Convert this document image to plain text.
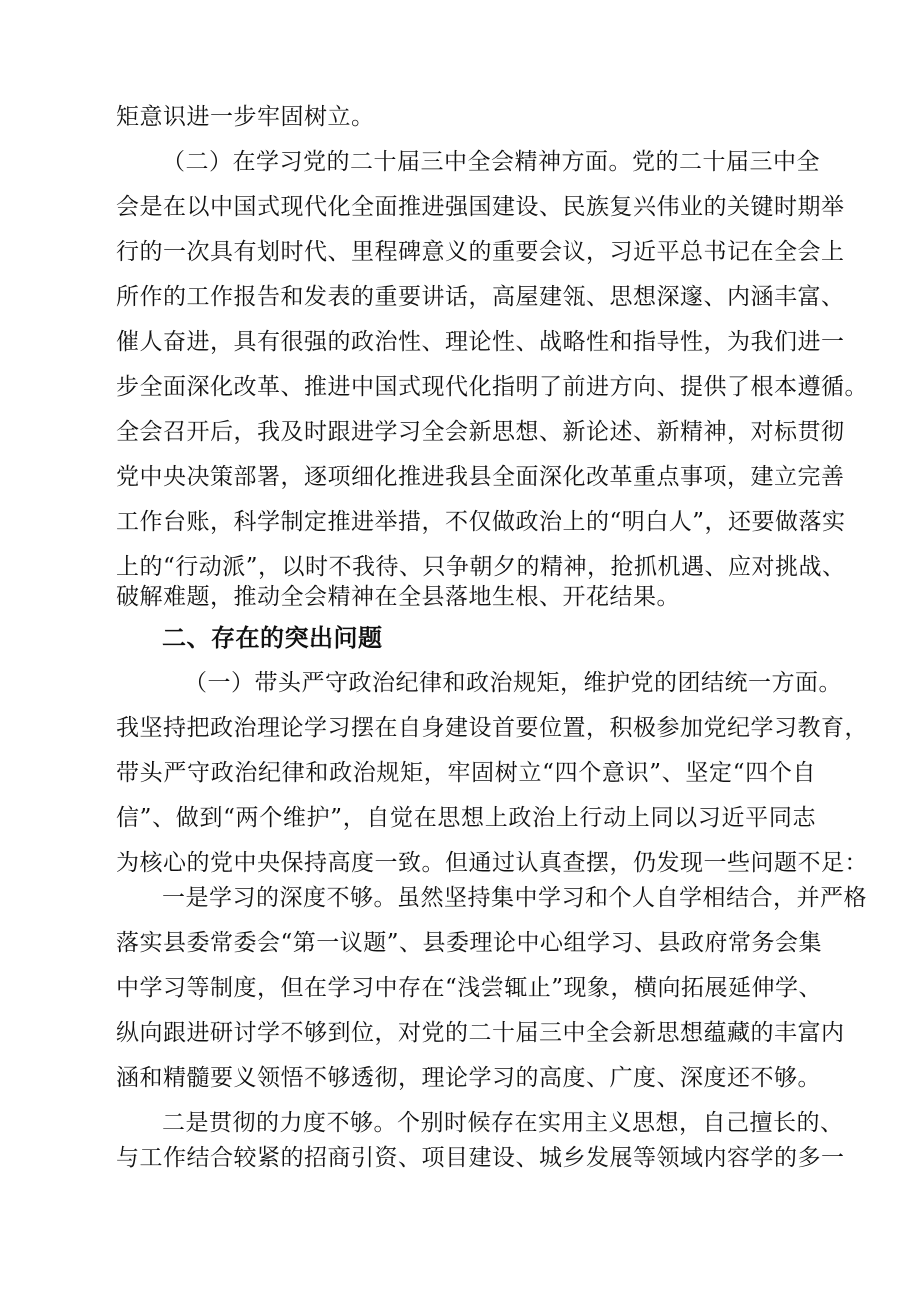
矩意识进一步牢固树立。
（二）在学习党的二十届三中全会精神方面。党的二十届三中全
会是在以中国式现代化全面推进强国建设、民族复兴伟业的关键时期举
行的一次具有划时代、里程碑意义的重要会议，习近平总书记在全会上
所作的工作报告和发表的重要讲话，高屋建瓴、思想深邃、内涵丰富、
催人奋进，具有很强的政治性、理论性、战略性和指导性，为我们进一
步全面深化改革、推进中国式现代化指明了前进方向、提供了根本遵循。
全会召开后，我及时跟进学习全会新思想、新论述、新精神，对标贯彻
党中央决策部署，逐项细化推进我县全面深化改革重点事项，建立完善
工作台账，科学制定推进举措，不仅做政治上的“明白人”，还要做落实
上的“行动派”，以时不我待、只争朝夕的精神，抢抓机遇、应对挑战、
破解难题，推动全会精神在全县落地生根、开花结果。
二、存在的突出问题
（一）带头严守政治纪律和政治规矩，维护党的团结统一方面。
我坚持把政治理论学习摆在自身建设首要位置，积极参加党纪学习教育，
带头严守政治纪律和政治规矩，牢固树立“四个意识”、坚定“四个自
信”、做到“两个维护”，自觉在思想上政治上行动上同以习近平同志
为核心的党中央保持高度一致。但通过认真查摆，仍发现一些问题不足：
一是学习的深度不够。虽然坚持集中学习和个人自学相结合，并严格
落实县委常委会“第一议题”、县委理论中心组学习、县政府常务会集
中学习等制度，但在学习中存在“浅尝辄止”现象，横向拓展延伸学、
纵向跟进研讨学不够到位，对党的二十届三中全会新思想蕴藏的丰富内
涵和精髓要义领悟不够透彻，理论学习的高度、广度、深度还不够。
二是贯彻的力度不够。个别时候存在实用主义思想，自己擅长的、
与工作结合较紧的招商引资、项目建设、城乡发展等领域内容学的多一
